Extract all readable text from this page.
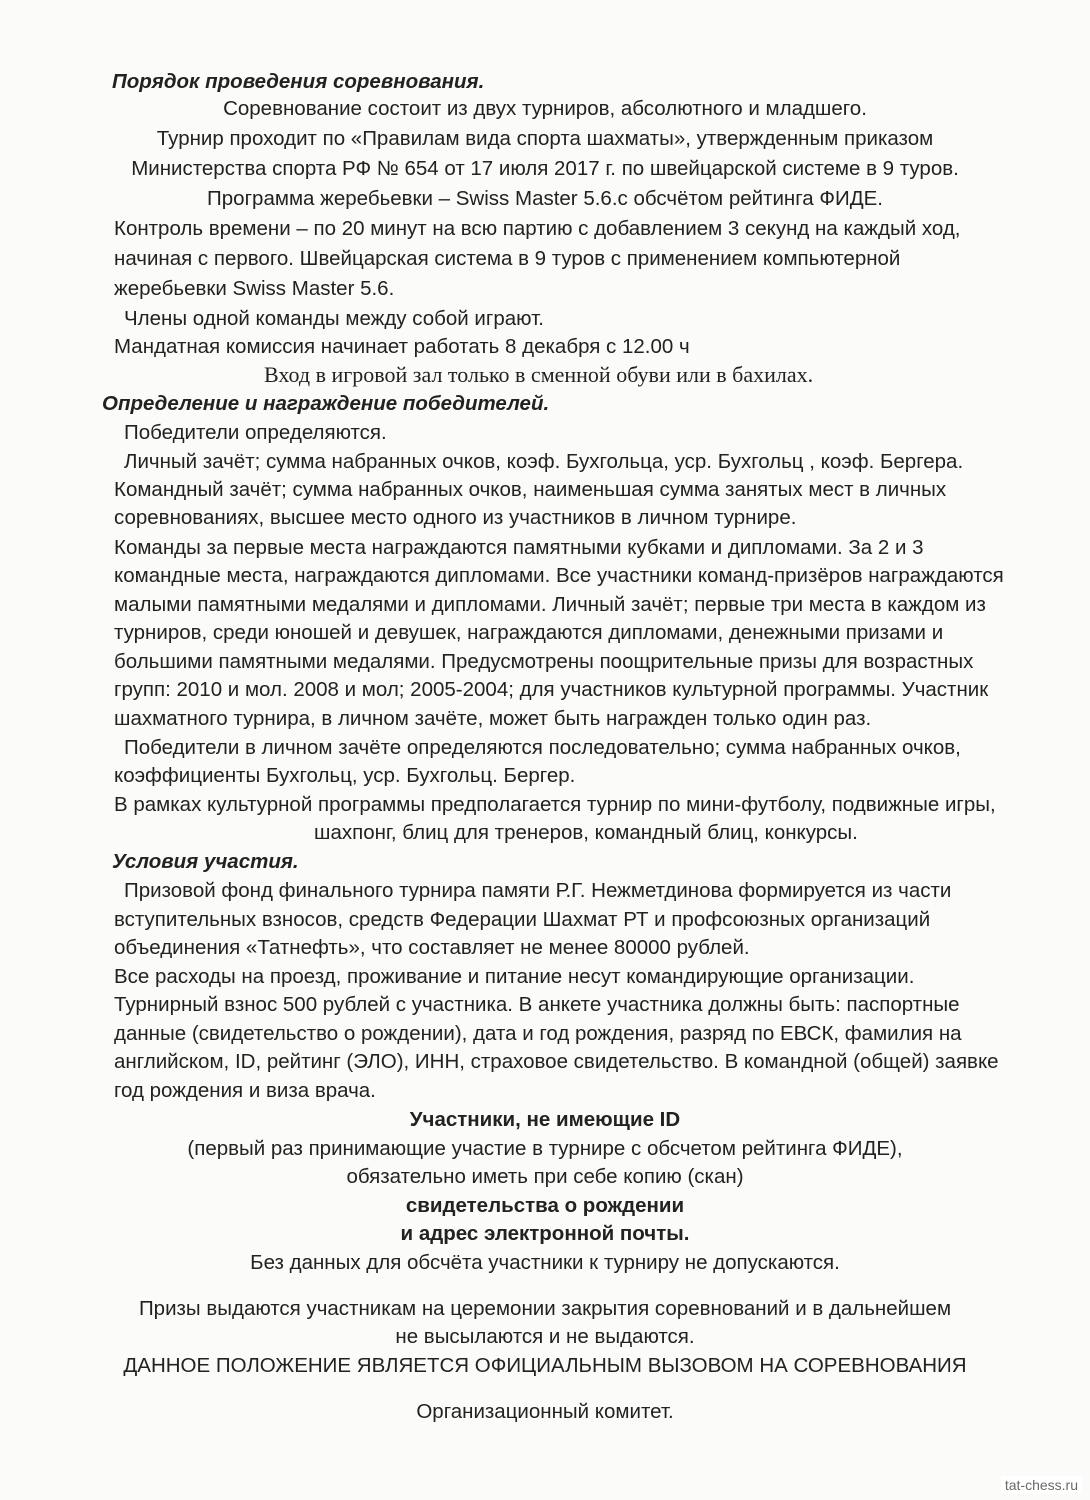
Порядок проведения соревнования.
Соревнование состоит из двух турниров, абсолютного и младшего.
Турнир проходит по «Правилам вида спорта шахматы», утвержденным приказом
Министерства спорта РФ № 654 от 17 июля 2017 г. по швейцарской системе в 9 туров.
Программа жеребьевки – Swiss Master 5.6.с обсчётом рейтинга ФИДЕ.
Контроль времени – по 20 минут на всю партию с добавлением 3 секунд на каждый ход,
начиная с первого. Швейцарская система в 9 туров с применением компьютерной
жеребьевки Swiss Master 5.6.
Члены одной команды между собой играют.
Мандатная комиссия начинает работать 8 декабря с 12.00 ч
Вход в игровой зал только в сменной обуви или в бахилах.
Определение и награждение победителей.
Победители определяются.
Личный зачёт; сумма набранных очков, коэф. Бухгольца, уср. Бухгольц , коэф. Бергера.
Командный зачёт; сумма набранных очков, наименьшая сумма занятых мест в личных
соревнованиях, высшее место одного из участников в личном турнире.
Команды за первые места награждаются памятными кубками и дипломами. За 2 и 3
командные места, награждаются дипломами. Все участники команд-призёров награждаются
малыми памятными медалями и дипломами. Личный зачёт; первые три места в каждом из
турниров, среди юношей и девушек, награждаются дипломами, денежными призами и
большими памятными медалями. Предусмотрены поощрительные призы для возрастных
групп: 2010 и мол. 2008 и мол; 2005-2004; для участников культурной программы. Участник
шахматного турнира, в личном зачёте, может быть награжден только один раз.
Победители в личном зачёте определяются последовательно; сумма набранных очков,
коэффициенты Бухгольц, уср. Бухгольц. Бергер.
В рамках культурной программы предполагается турнир по мини-футболу, подвижные игры,
шахпонг, блиц для тренеров, командный блиц, конкурсы.
Условия участия.
Призовой фонд финального турнира памяти Р.Г. Нежметдинова формируется из части
вступительных взносов, средств Федерации Шахмат РТ и профсоюзных организаций
объединения «Татнефть», что составляет не менее 80000 рублей.
Все расходы на проезд, проживание и питание несут командирующие организации.
Турнирный взнос 500 рублей с участника. В анкете участника должны быть: паспортные
данные (свидетельство о рождении), дата и год рождения, разряд по ЕВСК, фамилия на
английском, ID, рейтинг (ЭЛО), ИНН, страховое свидетельство. В командной (общей) заявке
год рождения и виза врача.
Участники, не имеющие ID
(первый раз принимающие участие в турнире с обсчетом рейтинга ФИДЕ),
обязательно иметь при себе копию (скан)
свидетельства о рождении
и адрес электронной почты.
Без данных для обсчёта участники к турниру не допускаются.
Призы выдаются участникам на церемонии закрытия соревнований и в дальнейшем
не высылаются и не выдаются.
ДАННОЕ ПОЛОЖЕНИЕ ЯВЛЯЕТСЯ ОФИЦИАЛЬНЫМ ВЫЗОВОМ НА СОРЕВНОВАНИЯ
Организационный комитет.
tat-chess.ru
